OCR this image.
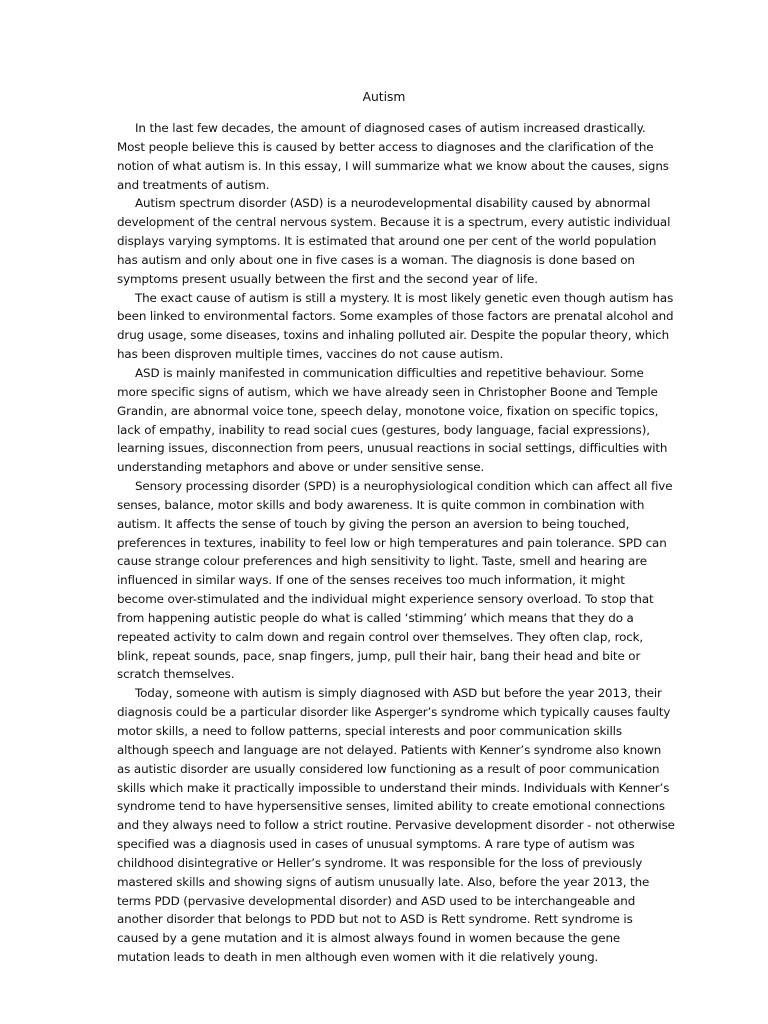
Autism

In the last few decades, the amount of diagnosed cases of autism increased drastically. Most people believe this is caused by better access to diagnoses and the clarification of the notion of what autism is. In this essay, I will summarize what we know about the causes, signs and treatments of autism.

Autism spectrum disorder (ASD) is a neurodevelopmental disability caused by abnormal development of the central nervous system. Because it is a spectrum, every autistic individual displays varying symptoms. It is estimated that around one per cent of the world population has autism and only about one in five cases is a woman. The diagnosis is done based on symptoms present usually between the first and the second year of life.

The exact cause of autism is still a mystery. It is most likely genetic even though autism has been linked to environmental factors. Some examples of those factors are prenatal alcohol and drug usage, some diseases, toxins and inhaling polluted air. Despite the popular theory, which has been disproven multiple times, vaccines do not cause autism.

ASD is mainly manifested in communication difficulties and repetitive behaviour. Some more specific signs of autism, which we have already seen in Christopher Boone and Temple Grandin, are abnormal voice tone, speech delay, monotone voice, fixation on specific topics, lack of empathy, inability to read social cues (gestures, body language, facial expressions), learning issues, disconnection from peers, unusual reactions in social settings, difficulties with understanding metaphors and above or under sensitive sense.

Sensory processing disorder (SPD) is a neurophysiological condition which can affect all five senses, balance, motor skills and body awareness. It is quite common in combination with autism. It affects the sense of touch by giving the person an aversion to being touched, preferences in textures, inability to feel low or high temperatures and pain tolerance. SPD can cause strange colour preferences and high sensitivity to light. Taste, smell and hearing are influenced in similar ways. If one of the senses receives too much information, it might become over-stimulated and the individual might experience sensory overload. To stop that from happening autistic people do what is called ‘stimming’ which means that they do a repeated activity to calm down and regain control over themselves. They often clap, rock, blink, repeat sounds, pace, snap fingers, jump, pull their hair, bang their head and bite or scratch themselves.

Today, someone with autism is simply diagnosed with ASD but before the year 2013, their diagnosis could be a particular disorder like Asperger’s syndrome which typically causes faulty motor skills, a need to follow patterns, special interests and poor communication skills although speech and language are not delayed. Patients with Kenner’s syndrome also known as autistic disorder are usually considered low functioning as a result of poor communication skills which make it practically impossible to understand their minds. Individuals with Kenner’s syndrome tend to have hypersensitive senses, limited ability to create emotional connections and they always need to follow a strict routine. Pervasive development disorder - not otherwise specified was a diagnosis used in cases of unusual symptoms. A rare type of autism was childhood disintegrative or Heller’s syndrome. It was responsible for the loss of previously mastered skills and showing signs of autism unusually late. Also, before the year 2013, the terms PDD (pervasive developmental disorder) and ASD used to be interchangeable and another disorder that belongs to PDD but not to ASD is Rett syndrome. Rett syndrome is caused by a gene mutation and it is almost always found in women because the gene mutation leads to death in men although even women with it die relatively young.
